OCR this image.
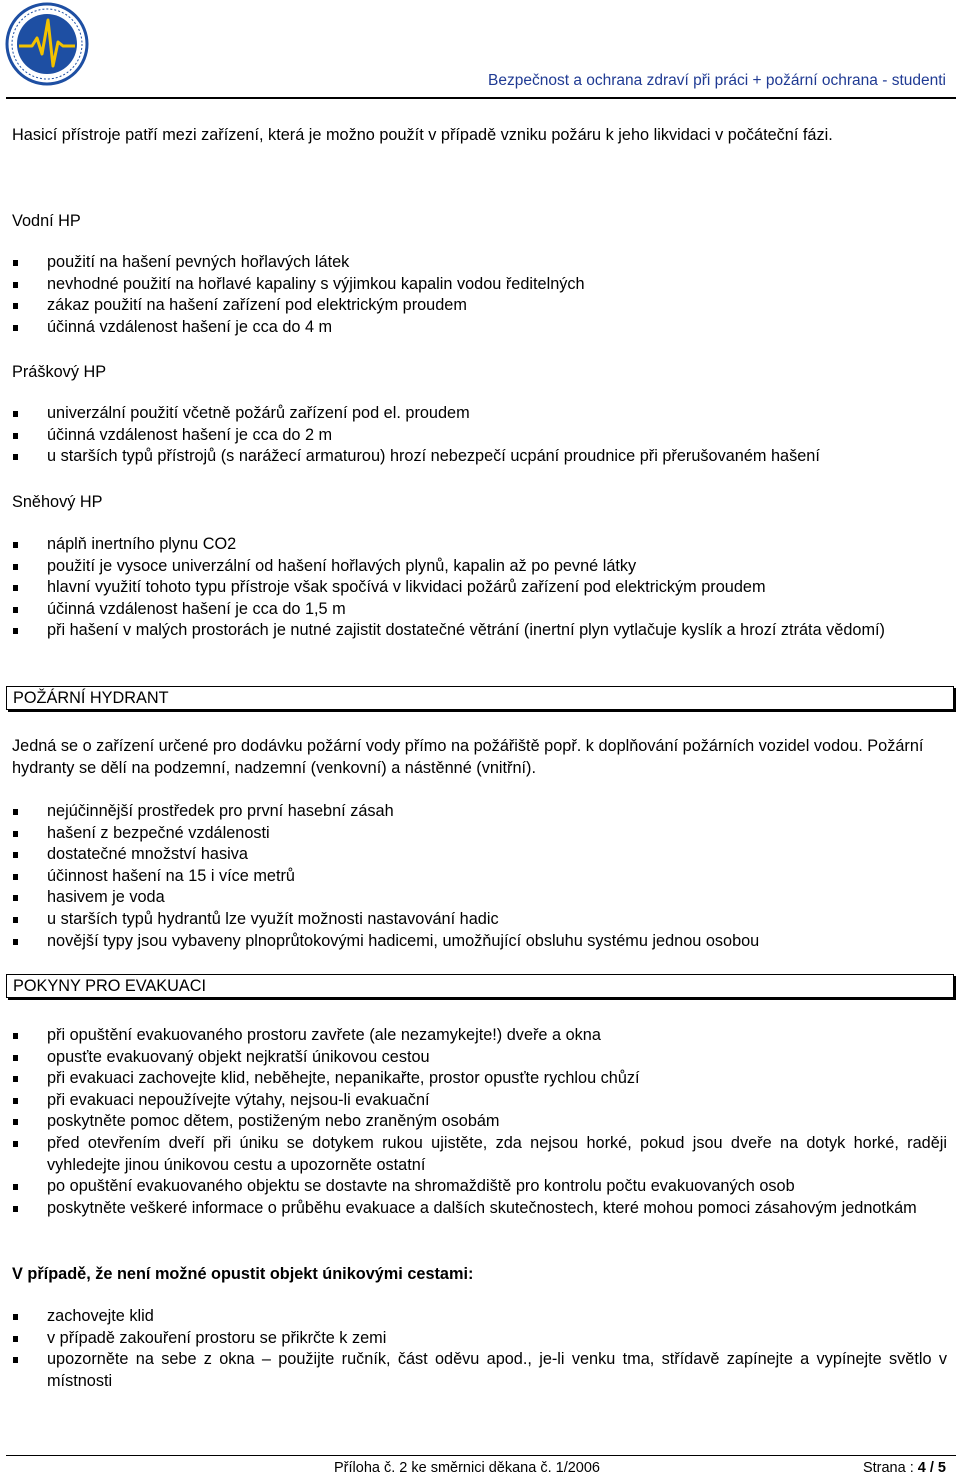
Bezpečnost a ochrana zdraví při práci + požární ochrana - studenti
Hasicí přístroje patří mezi zařízení, která je možno použít v případě vzniku požáru k jeho likvidaci v počáteční fázi.
Vodní HP
použití na hašení pevných hořlavých látek
nevhodné použití na hořlavé kapaliny s výjimkou kapalin vodou ředitelných
zákaz použití na hašení zařízení pod elektrickým proudem
účinná vzdálenost hašení je cca do 4 m
Práškový HP
univerzální použití včetně požárů zařízení pod el. proudem
účinná vzdálenost hašení je cca do 2 m
u starších typů přístrojů (s narážecí armaturou) hrozí nebezpečí ucpání proudnice při přerušovaném hašení
Sněhový HP
náplň inertního plynu CO2
použití je vysoce univerzální od hašení hořlavých plynů, kapalin až po pevné látky
hlavní využití tohoto typu přístroje však spočívá v likvidaci požárů zařízení pod elektrickým proudem
účinná vzdálenost hašení je cca do 1,5 m
při hašení v malých prostorách je nutné zajistit dostatečné větrání (inertní plyn vytlačuje kyslík a hrozí ztráta vědomí)
POŽÁRNÍ HYDRANT
Jedná se o zařízení určené pro dodávku požární vody přímo na požářiště popř. k doplňování požárních vozidel vodou. Požární hydranty se dělí na podzemní, nadzemní (venkovní) a nástěnné (vnitřní).
nejúčinnější prostředek pro první hasební zásah
hašení z bezpečné vzdálenosti
dostatečné množství hasiva
účinnost hašení na 15 i více metrů
hasivem je voda
u starších typů hydrantů lze využít možnosti nastavování hadic
novější typy jsou vybaveny plnoprůtokovými hadicemi, umožňující obsluhu systému jednou osobou
POKYNY PRO EVAKUACI
při opuštění evakuovaného prostoru zavřete (ale nezamykejte!) dveře a okna
opusťte evakuovaný objekt nejkratší únikovou cestou
při evakuaci zachovejte klid, neběhejte, nepanikařte, prostor opusťte rychlou chůzí
při evakuaci nepoužívejte výtahy, nejsou-li evakuační
poskytněte pomoc dětem, postiženým nebo zraněným osobám
před otevřením dveří při úniku se dotykem rukou ujistěte, zda nejsou horké, pokud jsou dveře na dotyk horké, raději vyhledejte jinou únikovou cestu a upozorněte ostatní
po opuštění evakuovaného objektu se dostavte na shromaždiště pro kontrolu počtu evakuovaných osob
poskytněte veškeré informace o průběhu evakuace a dalších skutečnostech, které mohou pomoci zásahovým jednotkám
V případě, že není možné opustit objekt únikovými cestami:
zachovejte klid
v případě zakouření prostoru se přikrčte k zemi
upozorněte na sebe z okna – použijte ručník, část oděvu apod., je-li venku tma, střídavě zapínejte a vypínejte světlo v místnosti
Příloha č. 2 ke směrnici děkana č. 1/2006	Strana : 4 / 5
